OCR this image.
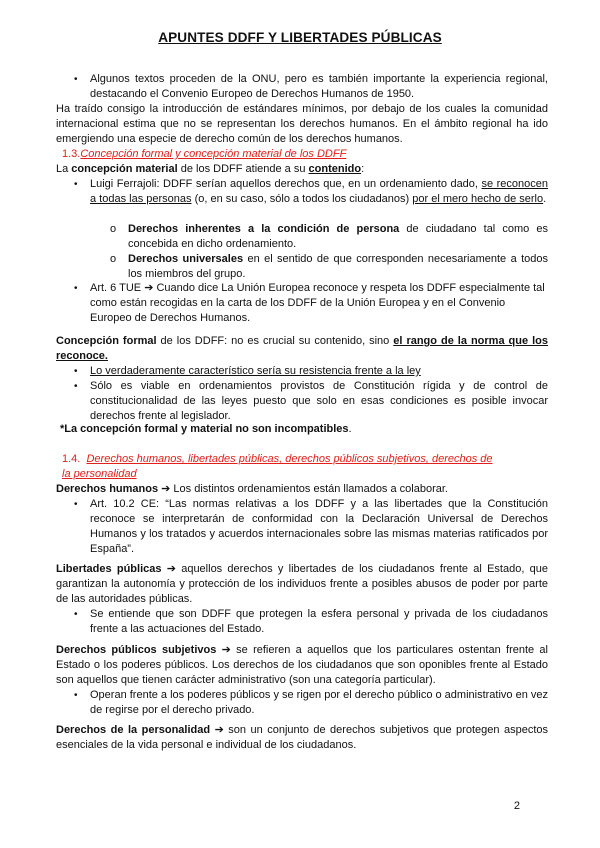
APUNTES DDFF Y LIBERTADES PÚBLICAS
• Algunos textos proceden de la ONU, pero es también importante la experiencia regional, destacando el Convenio Europeo de Derechos Humanos de 1950.
Ha traído consigo la introducción de estándares mínimos, por debajo de los cuales la comunidad internacional estima que no se representan los derechos humanos. En el ámbito regional ha ido emergiendo una especie de derecho común de los derechos humanos.
1.3.Concepción formal y concepción material de los DDFF
La concepción material de los DDFF atiende a su contenido:
• Luigi Ferrajoli: DDFF serían aquellos derechos que, en un ordenamiento dado, se reconocen a todas las personas (o, en su caso, sólo a todos los ciudadanos) por el mero hecho de serlo.
o Derechos inherentes a la condición de persona de ciudadano tal como es concebida en dicho ordenamiento.
o Derechos universales en el sentido de que corresponden necesariamente a todos los miembros del grupo.
• Art. 6 TUE ➔ Cuando dice La Unión Europea reconoce y respeta los DDFF especialmente tal como están recogidas en la carta de los DDFF de la Unión Europea y en el Convenio Europeo de Derechos Humanos.
Concepción formal de los DDFF: no es crucial su contenido, sino el rango de la norma que los reconoce.
• Lo verdaderamente característico sería su resistencia frente a la ley
• Sólo es viable en ordenamientos provistos de Constitución rígida y de control de constitucionalidad de las leyes puesto que solo en esas condiciones es posible invocar derechos frente al legislador.
*La concepción formal y material no son incompatibles.
1.4. Derechos humanos, libertades públicas, derechos públicos subjetivos, derechos de la personalidad
Derechos humanos ➔ Los distintos ordenamientos están llamados a colaborar.
• Art. 10.2 CE: “Las normas relativas a los DDFF y a las libertades que la Constitución reconoce se interpretarán de conformidad con la Declaración Universal de Derechos Humanos y los tratados y acuerdos internacionales sobre las mismas materias ratificados por España”.
Libertades públicas ➔ aquellos derechos y libertades de los ciudadanos frente al Estado, que garantizan la autonomía y protección de los individuos frente a posibles abusos de poder por parte de las autoridades públicas.
• Se entiende que son DDFF que protegen la esfera personal y privada de los ciudadanos frente a las actuaciones del Estado.
Derechos públicos subjetivos ➔ se refieren a aquellos que los particulares ostentan frente al Estado o los poderes públicos. Los derechos de los ciudadanos que son oponibles frente al Estado son aquellos que tienen carácter administrativo (son una categoría particular).
• Operan frente a los poderes públicos y se rigen por el derecho público o administrativo en vez de regirse por el derecho privado.
Derechos de la personalidad ➔ son un conjunto de derechos subjetivos que protegen aspectos esenciales de la vida personal e individual de los ciudadanos.
2
